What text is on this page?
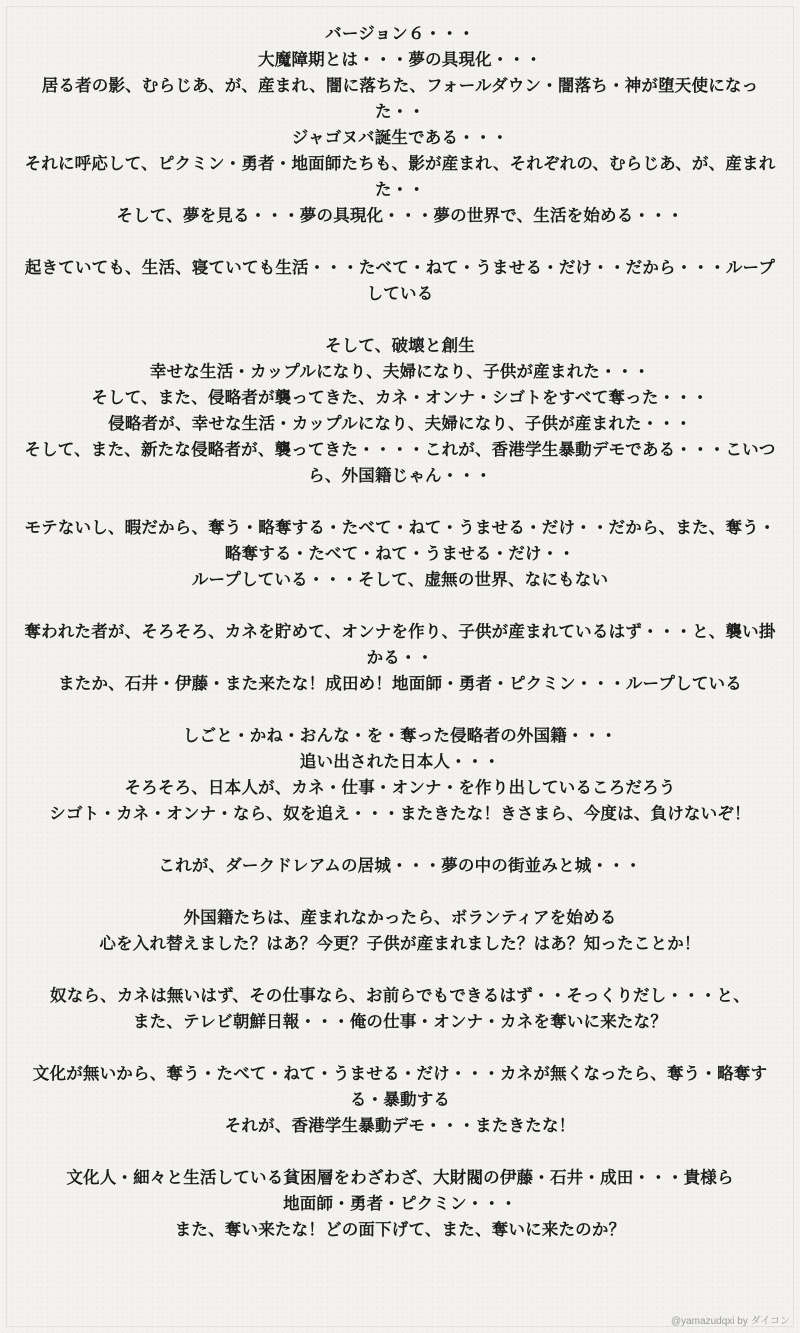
バージョン６・・・

大魔障期とは・・・夢の具現化・・・

居る者の影、むらじあ、が、産まれ、闇に落ちた、フォールダウン・闇落ち・神が堕天使になった・・

ジャゴヌバ誕生である・・・

それに呼応して、ピクミン・勇者・地面師たちも、影が産まれ、それぞれの、むらじあ、が、産まれた・・

そして、夢を見る・・・夢の具現化・・・夢の世界で、生活を始める・・・

起きていても、生活、寝ていても生活・・・たべて・ねて・うませる・だけ・・だから・・・ループしている

そして、破壊と創生

幸せな生活・カップルになり、夫婦になり、子供が産まれた・・・

そして、また、侵略者が襲ってきた、カネ・オンナ・シゴトをすべて奪った・・・

侵略者が、幸せな生活・カップルになり、夫婦になり、子供が産まれた・・・

そして、また、新たな侵略者が、襲ってきた・・・・これが、香港学生暴動デモである・・・こいつら、外国籍じゃん・・・

モテないし、暇だから、奪う・略奪する・たべて・ねて・うませる・だけ・・だから、また、奪う・略奪する・たべて・ねて・うませる・だけ・・

ループしている・・・そして、虚無の世界、なにもない

奪われた者が、そろそろ、カネを貯めて、オンナを作り、子供が産まれているはず・・・と、襲い掛かる・・

またか、石井・伊藤・また来たな！成田め！地面師・勇者・ピクミン・・・ループしている

しごと・かね・おんな・を・奪った侵略者の外国籍・・・

追い出された日本人・・・

そろそろ、日本人が、カネ・仕事・オンナ・を作り出しているころだろう

シゴト・カネ・オンナ・なら、奴を追え・・・またきたな！きさまら、今度は、負けないぞ！

これが、ダークドレアムの居城・・・夢の中の街並みと城・・・

外国籍たちは、産まれなかったら、ボランティアを始める

心を入れ替えました？はあ？今更？子供が産まれました？はあ？知ったことか！

奴なら、カネは無いはず、その仕事なら、お前らでもできるはず・・そっくりだし・・・と、

また、テレビ朝鮮日報・・・俺の仕事・オンナ・カネを奪いに来たな？

文化が無いから、奪う・たべて・ねて・うませる・だけ・・・カネが無くなったら、奪う・略奪する・暴動する

それが、香港学生暴動デモ・・・またきたな！

文化人・細々と生活している貧困層をわざわざ、大財閥の伊藤・石井・成田・・・貴様ら

地面師・勇者・ピクミン・・・

また、奪い来たな！どの面下げて、また、奪いに来たのか？

@yamazudqxi by ダイコン
